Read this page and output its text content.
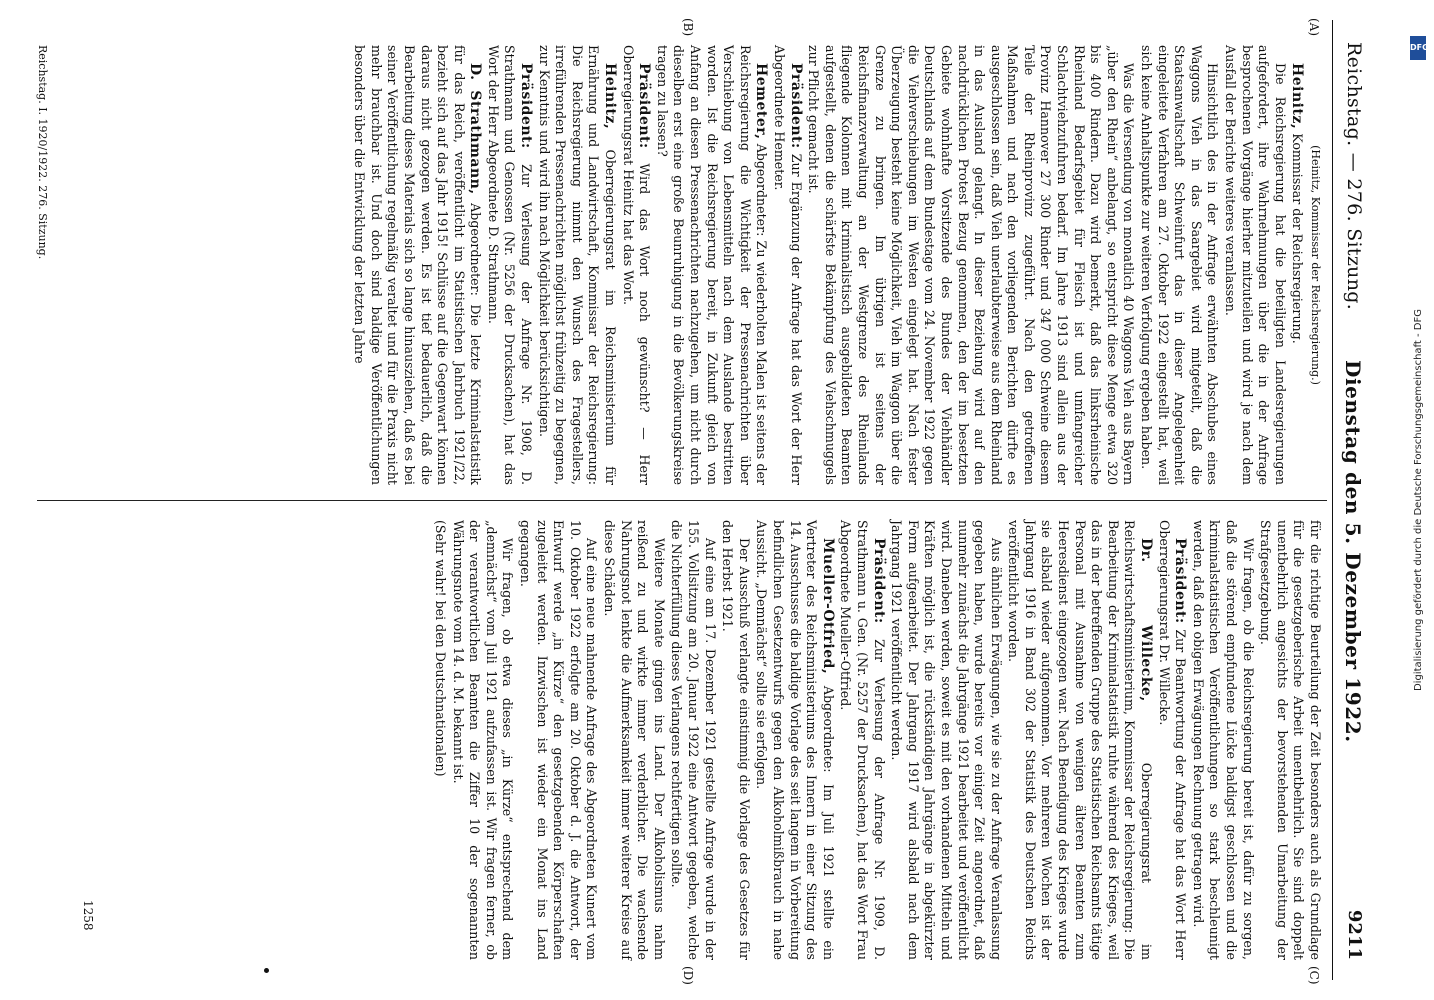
Reichstag. — 276. Sitzung.
Dienstag den 5. Dezember 1922.
9211
(A)
(B)
(C)
(D)

(Heinitz, Kommissar der Reichsregierung.)

Heinitz, Kommissar der Reichsregierung.

Die Reichsregierung hat die beteiligten Landesregierungen aufgefordert, ihre Wahrnehmungen über die in der Anfrage besprochenen Vorgänge hierher mitzuteilen und wird je nach dem Ausfall der Berichte weiteres veranlassen.

Hinsichtlich des in der Anfrage erwähnten Abschubes eines Waggons Vieh in das Saargebiet wird mitgeteilt, daß die Staatsanwaltschaft Schweinfurt das in dieser Angelegenheit eingeleitete Verfahren am 27. Oktober 1922 eingestellt hat, weil sich keine Anhaltspunkte zur weiteren Verfolgung ergeben haben.

Was die Versendung von monatlich 40 Waggons Vieh aus Bayern „über den Rhein“ anbelangt, so entspricht diese Menge etwa 320 bis 400 Rindern. Dazu wird bemerkt, daß das linksrheinische Rheinland Bedarfsgebiet für Fleisch ist und umfangreicher Schlachtviehzufuhren bedarf. Im Jahre 1913 sind allein aus der Provinz Hannover 27 300 Rinder und 347 000 Schweine diesem Teile der Rheinprovinz zugeführt. Nach den getroffenen Maßnahmen und nach den vorliegenden Berichten dürfte es ausgeschlossen sein, daß Vieh unerlaubterweise aus dem Rheinland in das Ausland gelangt. In dieser Beziehung wird auf den nachdrücklichen Protest Bezug genommen, den der im besetzten Gebiete wohnhafte Vorsitzende des Bundes der Viehhändler Deutschlands auf dem Bundestage vom 24. November 1922 gegen die Viehverschiebungen im Westen eingelegt hat. Nach fester Überzeugung besteht keine Möglichkeit, Vieh im Waggon über die Grenze zu bringen. Im übrigen ist seitens der Reichsfinanzverwaltung an der Westgrenze des Rheinlands fliegende Kolonnen mit kriminalistisch ausgebildeten Beamten aufgestellt, denen die schärfste Bekämpfung des Viehschmuggels zur Pflicht gemacht ist.

Präsident: Zur Ergänzung der Anfrage hat das Wort der Herr Abgeordnete Hemeter.

Hemeter, Abgeordneter: Zu wiederholten Malen ist seitens der Reichsregierung die Wichtigkeit der Pressenachrichten über Verschiebung von Lebensmitteln nach dem Auslande bestritten worden. Ist die Reichsregierung bereit, in Zukunft gleich von Anfang an diesen Pressenachrichten nachzugehen, um nicht durch dieselben erst eine große Beunruhigung in die Bevölkerungskreise tragen zu lassen?

Präsident: Wird das Wort noch gewünscht? — Herr Oberregierungsrat Heinitz hat das Wort.

Heinitz, Oberregierungsrat im Reichsministerium für Ernährung und Landwirtschaft, Kommissar der Reichsregierung: Die Reichsregierung nimmt den Wunsch des Fragestellers, irreführenden Pressenachrichten möglichst frühzeitig zu begegnen, zur Kenntnis und wird ihn nach Möglichkeit berücksichtigen.

Präsident: Zur Verlesung der Anfrage Nr. 1908, D. Strathmann und Genossen (Nr. 5256 der Drucksachen), hat das Wort der Herr Abgeordnete D. Strathmann.

D. Strathmann, Abgeordneter: Die letzte Kriminalstatistik für das Reich, veröffentlicht im Statistischen Jahrbuch 1921/22, bezieht sich auf das Jahr 1915! Schlüsse auf die Gegenwart können daraus nicht gezogen werden. Es ist tief bedauerlich, daß die Bearbeitung dieses Materials sich so lange hinausziehen, daß es bei seiner Veröffentlichung regelmäßig veraltet und für die Praxis nicht mehr brauchbar ist. Und doch sind baldige Veröffentlichungen besonders über die Entwicklung der letzten Jahre

für die richtige Beurteilung der Zeit besonders auch als Grundlage für die gesetzgeberische Arbeit unentbehrlich. Sie sind doppelt unentbehrlich angesichts der bevorstehenden Umarbeitung der Strafgesetzgebung.

Wir fragen, ob die Reichsregierung bereit ist, dafür zu sorgen, daß die störend empfundene Lücke baldigst geschlossen und die kriminalstatistischen Veröffentlichungen so stark beschleunigt werden, daß den obigen Erwägungen Rechnung getragen wird.

Präsident: Zur Beantwortung der Anfrage hat das Wort Herr Oberregierungsrat Dr. Willecke.

Dr. Willecke, Oberregierungsrat im Reichswirtschaftsministerium, Kommissar der Reichsregierung: Die Bearbeitung der Kriminalstatistik ruhte während des Krieges, weil das in der betreffenden Gruppe des Statistischen Reichsamts tätige Personal mit Ausnahme von wenigen älteren Beamten zum Heeresdienst eingezogen war. Nach Beendigung des Krieges wurde sie alsbald wieder aufgenommen. Vor mehreren Wochen ist der Jahrgang 1916 in Band 302 der Statistik des Deutschen Reichs veröffentlicht worden.

Aus ähnlichen Erwägungen, wie sie zu der Anfrage Veranlassung gegeben haben, wurde bereits vor einiger Zeit angeordnet, daß nunmehr zunächst die Jahrgänge 1921 bearbeitet und veröffentlicht wird. Daneben werden, soweit es mit den vorhandenen Mitteln und Kräften möglich ist, die rückständigen Jahrgänge in abgekürzter Form aufgearbeitet. Der Jahrgang 1917 wird alsbald nach dem Jahrgang 1921 veröffentlicht werden.

Präsident: Zur Verlesung der Anfrage Nr. 1909, D. Strathmann u. Gen. (Nr. 5257 der Drucksachen), hat das Wort Frau Abgeordnete Mueller-Otfried.

Mueller-Otfried, Abgeordnete: Im Juli 1921 stellte ein Vertreter des Reichsministeriums des Innern in einer Sitzung des 14. Ausschusses die baldige Vorlage des seit langem in Vorbereitung befindlichen Gesetzentwurfs gegen den Alkoholmißbrauch in nahe Aussicht. „Demnächst“ sollte sie erfolgen.

Der Ausschuß verlangte einstimmig die Vorlage des Gesetzes für den Herbst 1921.

Auf eine am 17. Dezember 1921 gestellte Anfrage wurde in der 155. Vollsitzung am 20. Januar 1922 eine Antwort gegeben, welche die Nichterfüllung dieses Verlangens rechtfertigen sollte.

Weitere Monate gingen ins Land. Der Alkoholismus nahm reißend zu und wirkte immer verderblicher. Die wachsende Nahrungsnot lenkte die Aufmerksamkeit immer weiterer Kreise auf diese Schäden.

Auf eine neue mahnende Anfrage des Abgeordneten Kunert vom 10. Oktober 1922 erfolgte am 20. Oktober d. J. die Antwort, der Entwurf werde „in Kürze“ den gesetzgebenden Körperschaften zugeleitet werden. Inzwischen ist wieder ein Monat ins Land gegangen.

Wir fragen, ob etwa dieses „in Kürze“ entsprechend dem „demnächst“ vom Juli 1921 aufzufassen ist. Wir fragen ferner, ob der verantwortlichen Beamten die Ziffer 10 der sogenannten Währungsnote vom 14. d. M. bekannt ist.

(Sehr wahr! bei den Deutschnationalen)

Reichstag. I. 1920/1922. 276. Sitzung.
1258
Digitalisierung gefördert durch die Deutsche Forschungsgemeinschaft - DFG
DFG
